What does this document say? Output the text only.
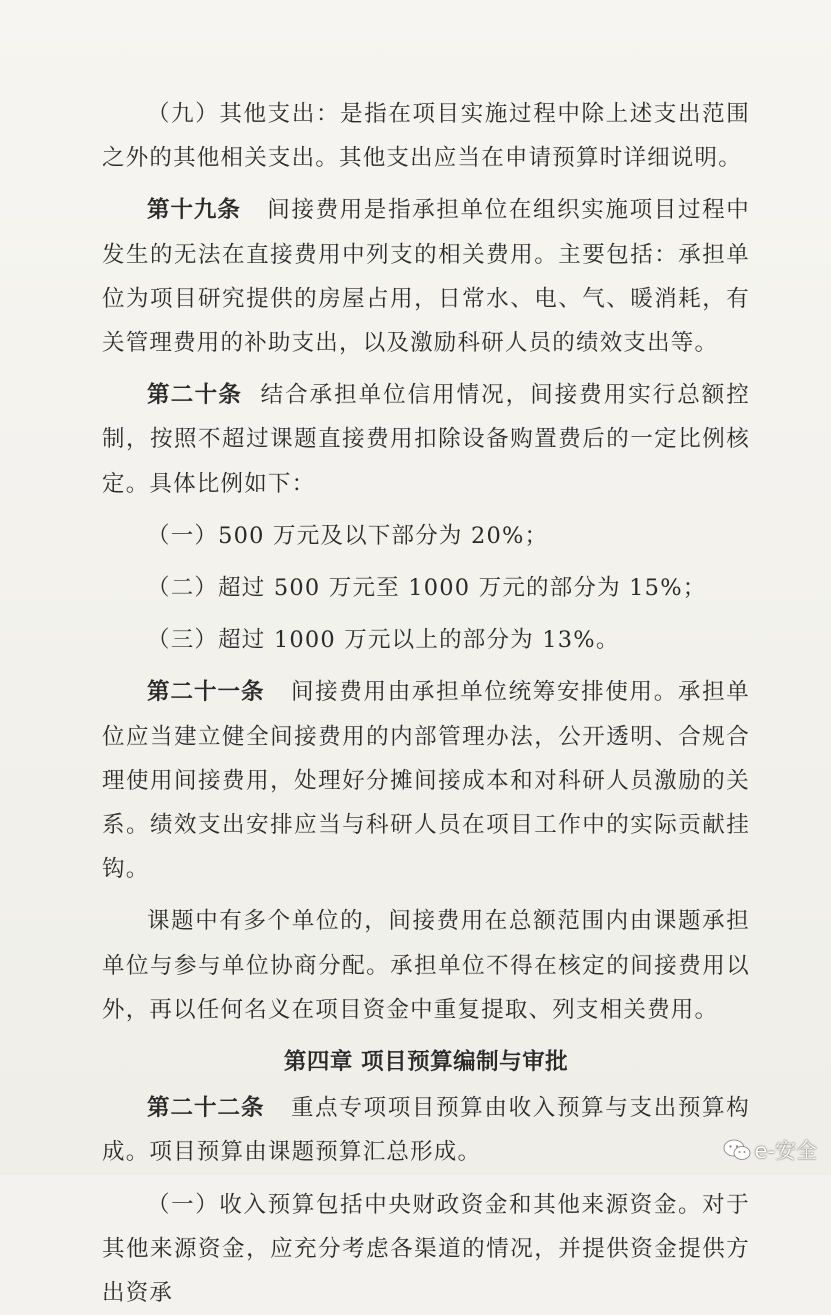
（九）其他支出：是指在项目实施过程中除上述支出范围之外的其他相关支出。其他支出应当在申请预算时详细说明。

第十九条 间接费用是指承担单位在组织实施项目过程中发生的无法在直接费用中列支的相关费用。主要包括：承担单位为项目研究提供的房屋占用，日常水、电、气、暖消耗，有关管理费用的补助支出，以及激励科研人员的绩效支出等。

第二十条 结合承担单位信用情况，间接费用实行总额控制，按照不超过课题直接费用扣除设备购置费后的一定比例核定。具体比例如下：

（一）500 万元及以下部分为 20%；

（二）超过 500 万元至 1000 万元的部分为 15%；

（三）超过 1000 万元以上的部分为 13%。

第二十一条 间接费用由承担单位统筹安排使用。承担单位应当建立健全间接费用的内部管理办法，公开透明、合规合理使用间接费用，处理好分摊间接成本和对科研人员激励的关系。绩效支出安排应当与科研人员在项目工作中的实际贡献挂钩。

课题中有多个单位的，间接费用在总额范围内由课题承担单位与参与单位协商分配。承担单位不得在核定的间接费用以外，再以任何名义在项目资金中重复提取、列支相关费用。

第四章 项目预算编制与审批

第二十二条 重点专项项目预算由收入预算与支出预算构成。项目预算由课题预算汇总形成。

（一）收入预算包括中央财政资金和其他来源资金。对于其他来源资金，应充分考虑各渠道的情况，并提供资金提供方出资承

e-安全
